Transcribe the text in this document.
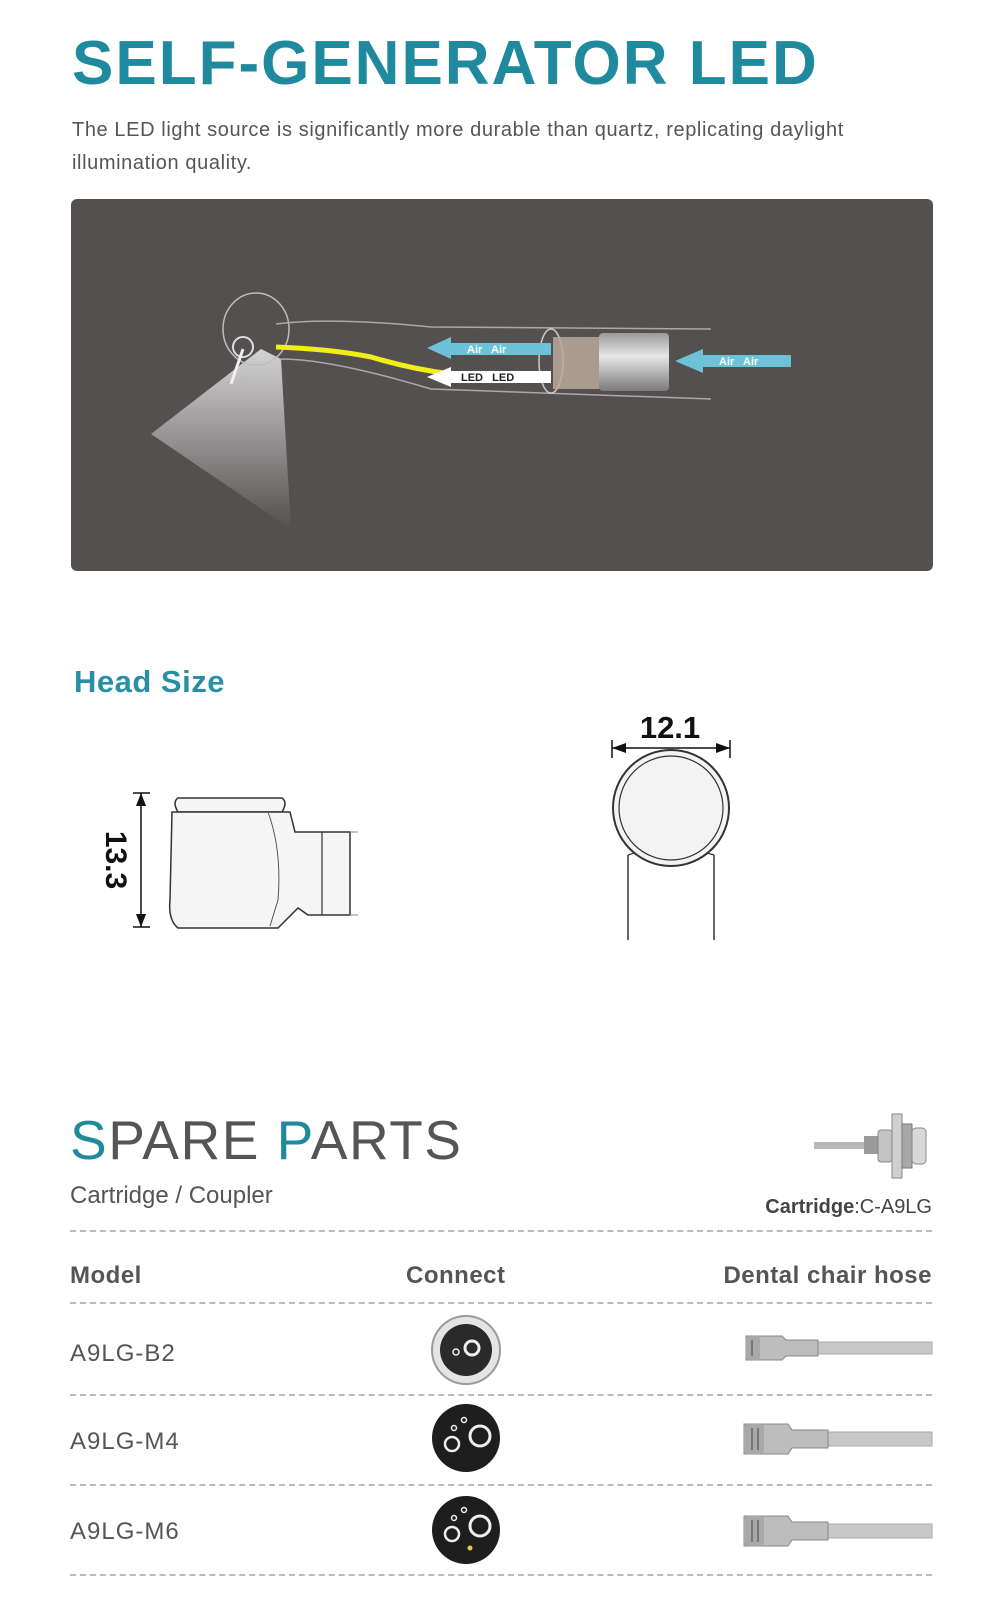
SELF-GENERATOR LED

The LED light source is significantly more durable than quartz, replicating daylight illumination quality.

Air   Air
LED   LED
Air   Air
Head Size
13.3
12.1
SPARE PARTS

Cartridge / Coupler	Cartridge:C-A9LG
Model	Connect	Dental chair hose
A9LG-B2
A9LG-M4
A9LG-M6
